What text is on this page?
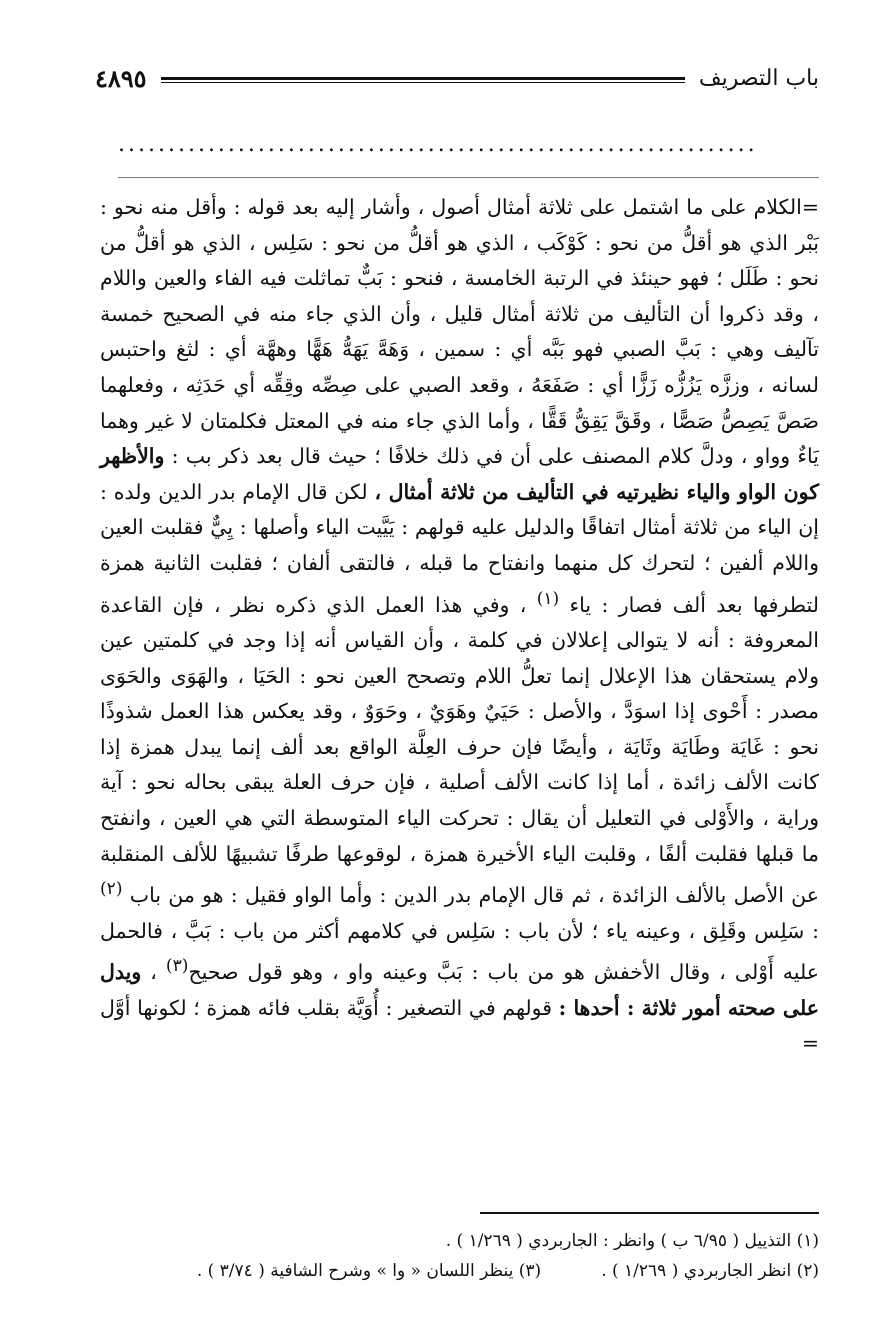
٤٨٩٥	باب التصريف
................................................................

=الكلام على ما اشتمل على ثلاثة أمثال أصول ، وأشار إليه بعد قوله : وأقل منه نحو : بَبْر الذي هو أقلُّ من نحو : كَوْكَب ، الذي هو أقلُّ من نحو : سَلِس ، الذي هو أقلُّ من نحو : طَلَل ؛ فهو حينئذ في الرتبة الخامسة ، فنحو : بَبٌّ تماثلت فيه الفاء والعين واللام ، وقد ذكروا أن التأليف من ثلاثة أمثال قليل ، وأن الذي جاء منه في الصحيح خمسة تآليف وهي : بَبَّ الصبي فهو بَبَّه أي : سمين ، وَهَهَّ يَهَهُّ هَهًّا وههَّة أي : لثغ واحتبس لسانه ، وززَّه يَزُزُّه زَزًّا أي : صَفَعَهُ ، وقعد الصبي على صِصِّه وقِقِّه أي حَدَثِه ، وفعلهما صَصَّ يَصِصُّ صَصًّا ، وقَقَّ يَقِقُّ قَقًّا ، وأما الذي جاء منه في المعتل فكلمتان لا غير وهما يَاءٌ وواو ، ودلَّ كلام المصنف على أن في ذلك خلافًا ؛ حيث قال بعد ذكر بب : والأظهر كون الواو والياء نظيرتيه في التأليف من ثلاثة أمثال ، لكن قال الإمام بدر الدين ولده : إن الياء من ثلاثة أمثال اتفاقًا والدليل عليه قولهم : يَيَّيت الياء وأصلها : يِيٌّ فقلبت العين واللام ألفين ؛ لتحرك كل منهما وانفتاح ما قبله ، فالتقى ألفان ؛ فقلبت الثانية همزة لتطرفها بعد ألف فصار : ياء $^{(١)}$ ، وفي هذا العمل الذي ذكره نظر ، فإن القاعدة المعروفة : أنه لا يتوالى إعلالان في كلمة ، وأن القياس أنه إذا وجد في كلمتين عين ولام يستحقان هذا الإعلال إنما تعلُّ اللام وتصحح العين نحو : الحَيَا ، والهَوَى والحَوَى مصدر : أَحْوى إذا اسوَدَّ ، والأصل : حَيَيٌ وهَوَيٌ ، وحَوَوٌ ، وقد يعكس هذا العمل شذوذًا نحو : غَايَة وطَايَة وثَايَة ، وأيضًا فإن حرف العِلَّة الواقع بعد ألف إنما يبدل همزة إذا كانت الألف زائدة ، أما إذا كانت الألف أصلية ، فإن حرف العلة يبقى بحاله نحو : آية وراية ، والأَوْلى في التعليل أن يقال : تحركت الياء المتوسطة التي هي العين ، وانفتح ما قبلها فقلبت ألفًا ، وقلبت الياء الأخيرة همزة ، لوقوعها طرفًا تشبيهًا للألف المنقلبة عن الأصل بالألف الزائدة ، ثم قال الإمام بدر الدين : وأما الواو فقيل : هو من باب $^{(٢)}$ : سَلِس وقَلِق ، وعينه ياء ؛ لأن باب : سَلِس في كلامهم أكثر من باب : بَبَّ ، فالحمل عليه أَوْلى ، وقال الأخفش هو من باب : بَبَّ وعينه واو ، وهو قول صحيح$^{(٣)}$ ، ويدل على صحته أمور ثلاثة : أحدها : قولهم في التصغير : أُوَيَّة بقلب فائه همزة ؛ لكونها أوَّل =

(١) التذييل ( ٦/٩٥ ب ) وانظر : الجاربردي ( ١/٢٦٩ ) .
(٢) انظر الجاربردي ( ١/٢٦٩ ) .
(٣) ينظر اللسان « وا » وشرح الشافية ( ٣/٧٤ ) .
